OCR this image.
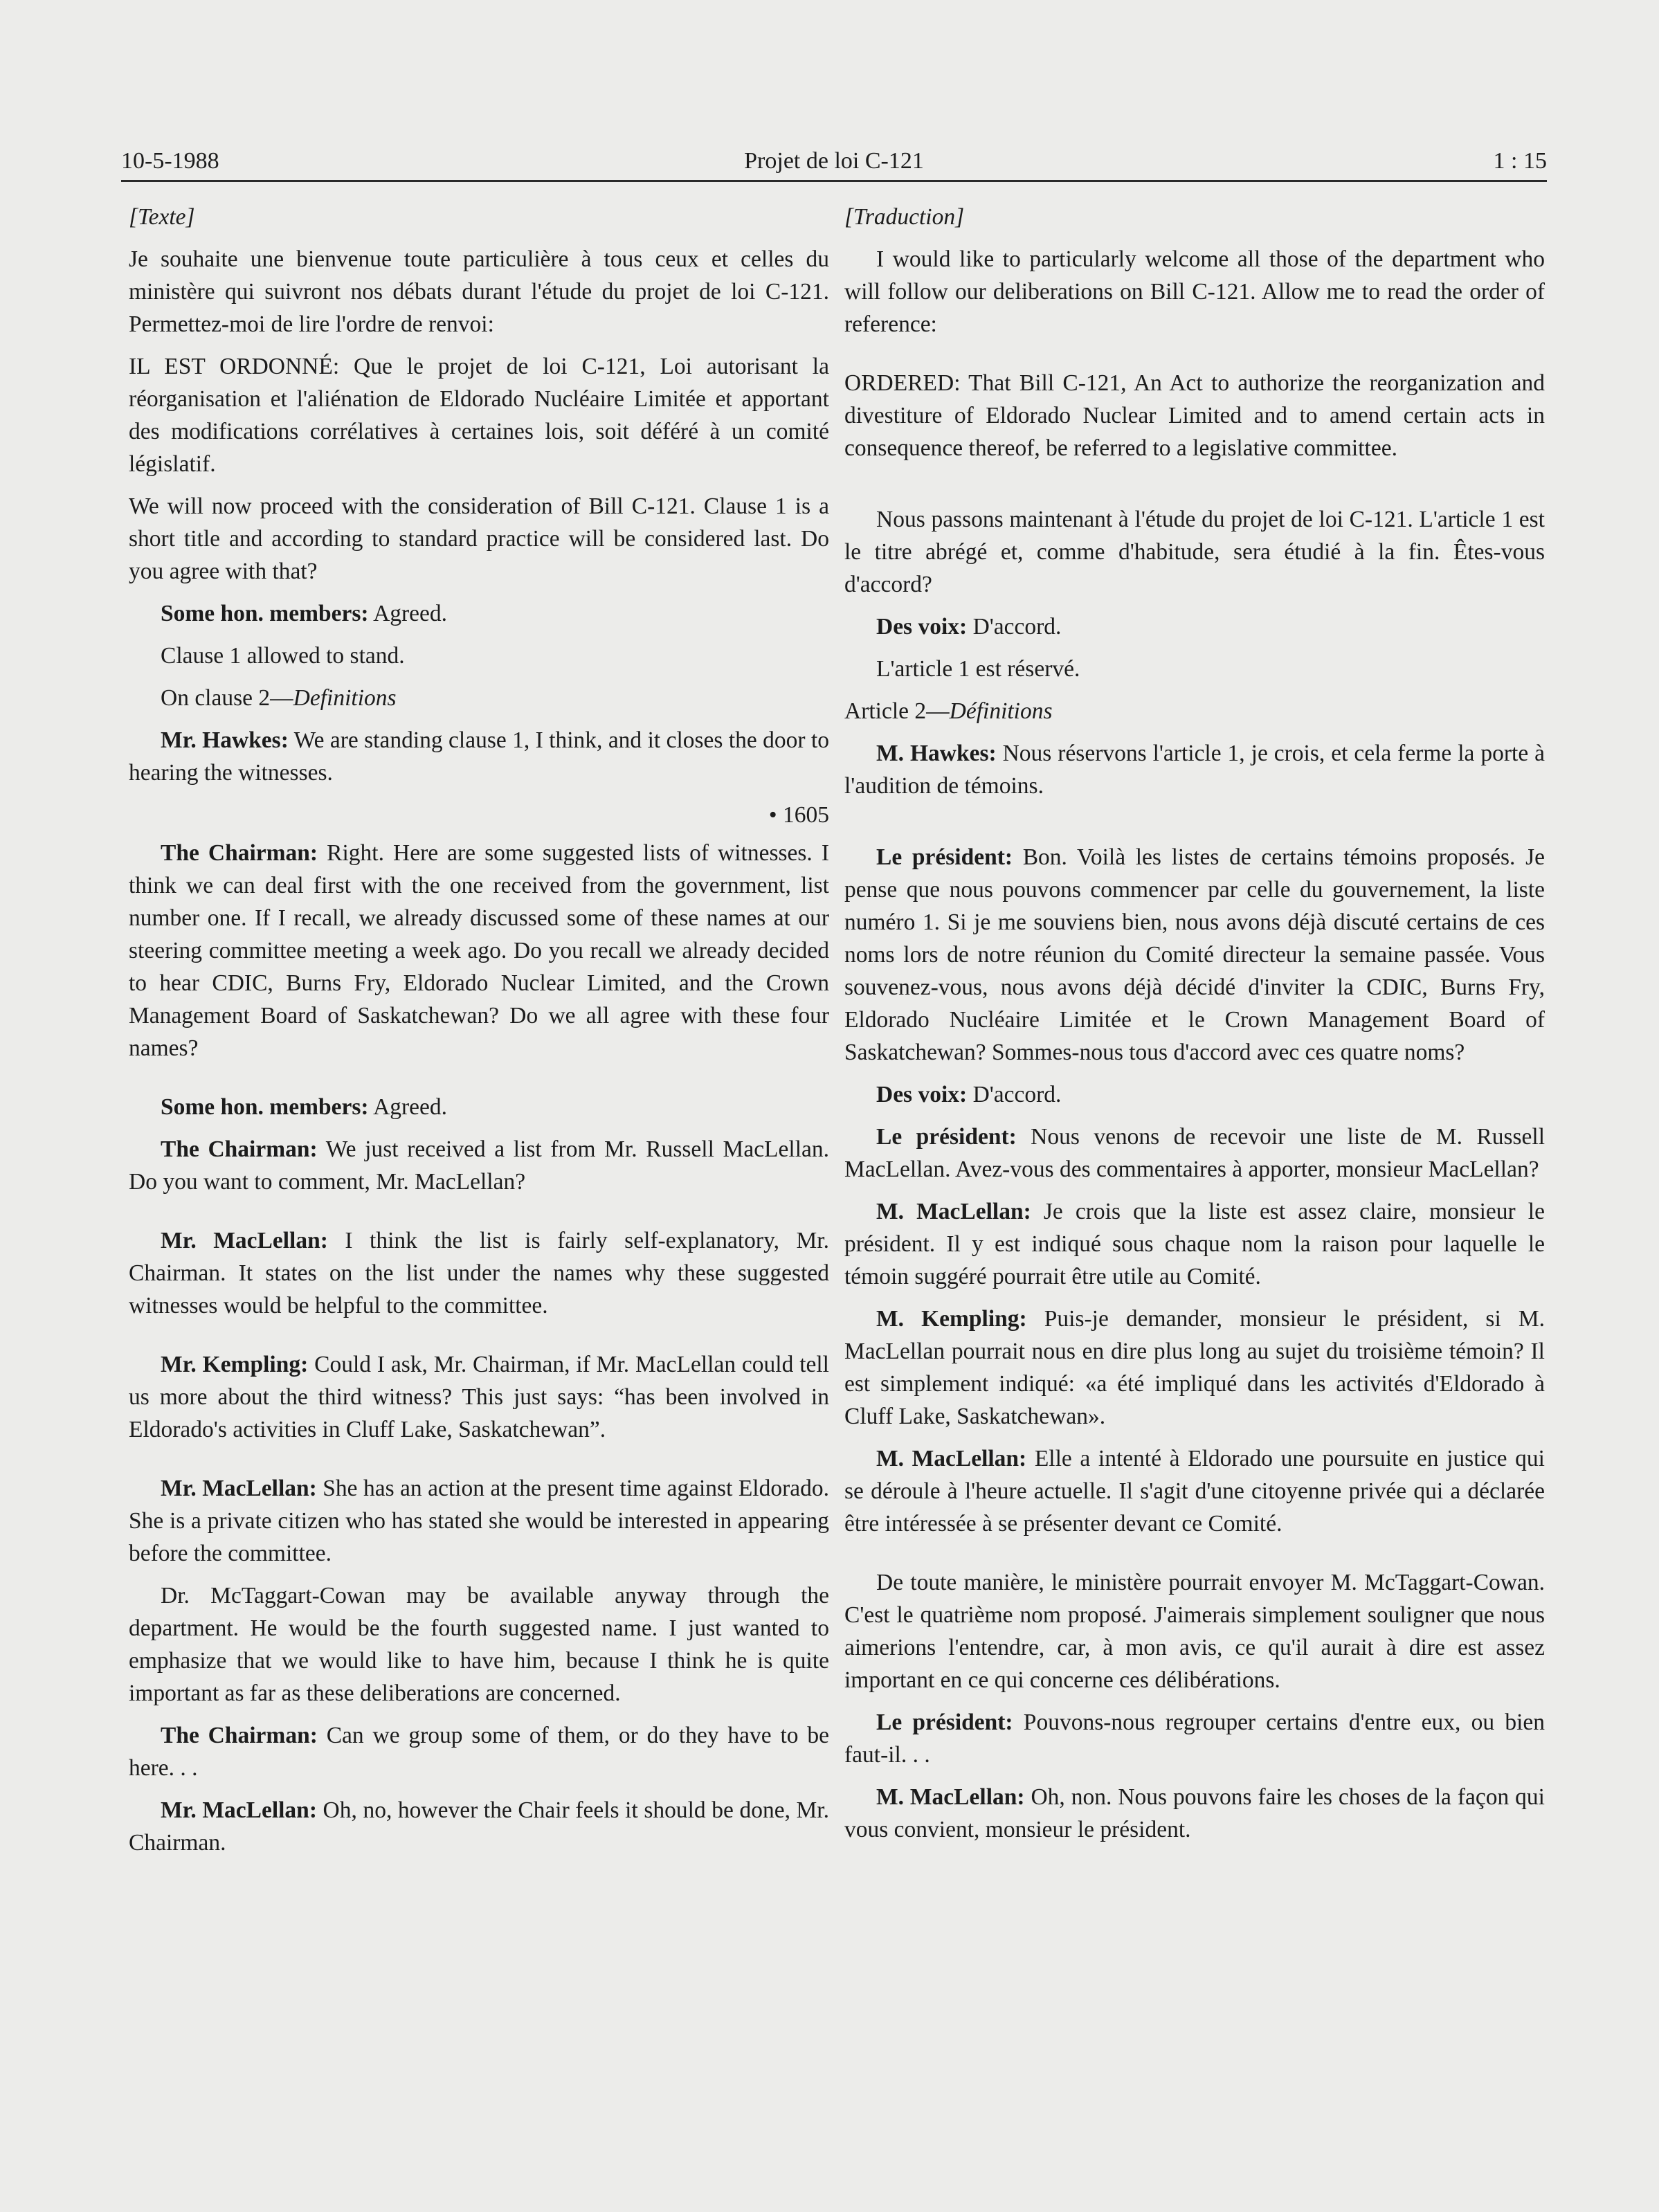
10-5-1988	Projet de loi C-121	1 : 15

[Texte]

Je souhaite une bienvenue toute particulière à tous ceux et celles du ministère qui suivront nos débats durant l'étude du projet de loi C-121. Permettez-moi de lire l'ordre de renvoi:

IL EST ORDONNÉ: Que le projet de loi C-121, Loi autorisant la réorganisation et l'aliénation de Eldorado Nucléaire Limitée et apportant des modifications corrélatives à certaines lois, soit déféré à un comité législatif.

We will now proceed with the consideration of Bill C-121. Clause 1 is a short title and according to standard practice will be considered last. Do you agree with that?

Some hon. members: Agreed.

Clause 1 allowed to stand.

On clause 2—Definitions

Mr. Hawkes: We are standing clause 1, I think, and it closes the door to hearing the witnesses.

• 1605

The Chairman: Right. Here are some suggested lists of witnesses. I think we can deal first with the one received from the government, list number one. If I recall, we already discussed some of these names at our steering committee meeting a week ago. Do you recall we already decided to hear CDIC, Burns Fry, Eldorado Nuclear Limited, and the Crown Management Board of Saskatchewan? Do we all agree with these four names?

Some hon. members: Agreed.

The Chairman: We just received a list from Mr. Russell MacLellan. Do you want to comment, Mr. MacLellan?

Mr. MacLellan: I think the list is fairly self-explanatory, Mr. Chairman. It states on the list under the names why these suggested witnesses would be helpful to the committee.

Mr. Kempling: Could I ask, Mr. Chairman, if Mr. MacLellan could tell us more about the third witness? This just says: “has been involved in Eldorado's activities in Cluff Lake, Saskatchewan”.

Mr. MacLellan: She has an action at the present time against Eldorado. She is a private citizen who has stated she would be interested in appearing before the committee.

Dr. McTaggart-Cowan may be available anyway through the department. He would be the fourth suggested name. I just wanted to emphasize that we would like to have him, because I think he is quite important as far as these deliberations are concerned.

The Chairman: Can we group some of them, or do they have to be here. . .

Mr. MacLellan: Oh, no, however the Chair feels it should be done, Mr. Chairman.

[Traduction]

I would like to particularly welcome all those of the department who will follow our deliberations on Bill C-121. Allow me to read the order of reference:

ORDERED: That Bill C-121, An Act to authorize the reorganization and divestiture of Eldorado Nuclear Limited and to amend certain acts in consequence thereof, be referred to a legislative committee.

Nous passons maintenant à l'étude du projet de loi C-121. L'article 1 est le titre abrégé et, comme d'habitude, sera étudié à la fin. Êtes-vous d'accord?

Des voix: D'accord.

L'article 1 est réservé.

Article 2—Définitions

M. Hawkes: Nous réservons l'article 1, je crois, et cela ferme la porte à l'audition de témoins.

Le président: Bon. Voilà les listes de certains témoins proposés. Je pense que nous pouvons commencer par celle du gouvernement, la liste numéro 1. Si je me souviens bien, nous avons déjà discuté certains de ces noms lors de notre réunion du Comité directeur la semaine passée. Vous souvenez-vous, nous avons déjà décidé d'inviter la CDIC, Burns Fry, Eldorado Nucléaire Limitée et le Crown Management Board of Saskatchewan? Sommes-nous tous d'accord avec ces quatre noms?

Des voix: D'accord.

Le président: Nous venons de recevoir une liste de M. Russell MacLellan. Avez-vous des commentaires à apporter, monsieur MacLellan?

M. MacLellan: Je crois que la liste est assez claire, monsieur le président. Il y est indiqué sous chaque nom la raison pour laquelle le témoin suggéré pourrait être utile au Comité.

M. Kempling: Puis-je demander, monsieur le président, si M. MacLellan pourrait nous en dire plus long au sujet du troisième témoin? Il est simplement indiqué: «a été impliqué dans les activités d'Eldorado à Cluff Lake, Saskatchewan».

M. MacLellan: Elle a intenté à Eldorado une poursuite en justice qui se déroule à l'heure actuelle. Il s'agit d'une citoyenne privée qui a déclarée être intéressée à se présenter devant ce Comité.

De toute manière, le ministère pourrait envoyer M. McTaggart-Cowan. C'est le quatrième nom proposé. J'aimerais simplement souligner que nous aimerions l'entendre, car, à mon avis, ce qu'il aurait à dire est assez important en ce qui concerne ces délibérations.

Le président: Pouvons-nous regrouper certains d'entre eux, ou bien faut-il. . .

M. MacLellan: Oh, non. Nous pouvons faire les choses de la façon qui vous convient, monsieur le président.
